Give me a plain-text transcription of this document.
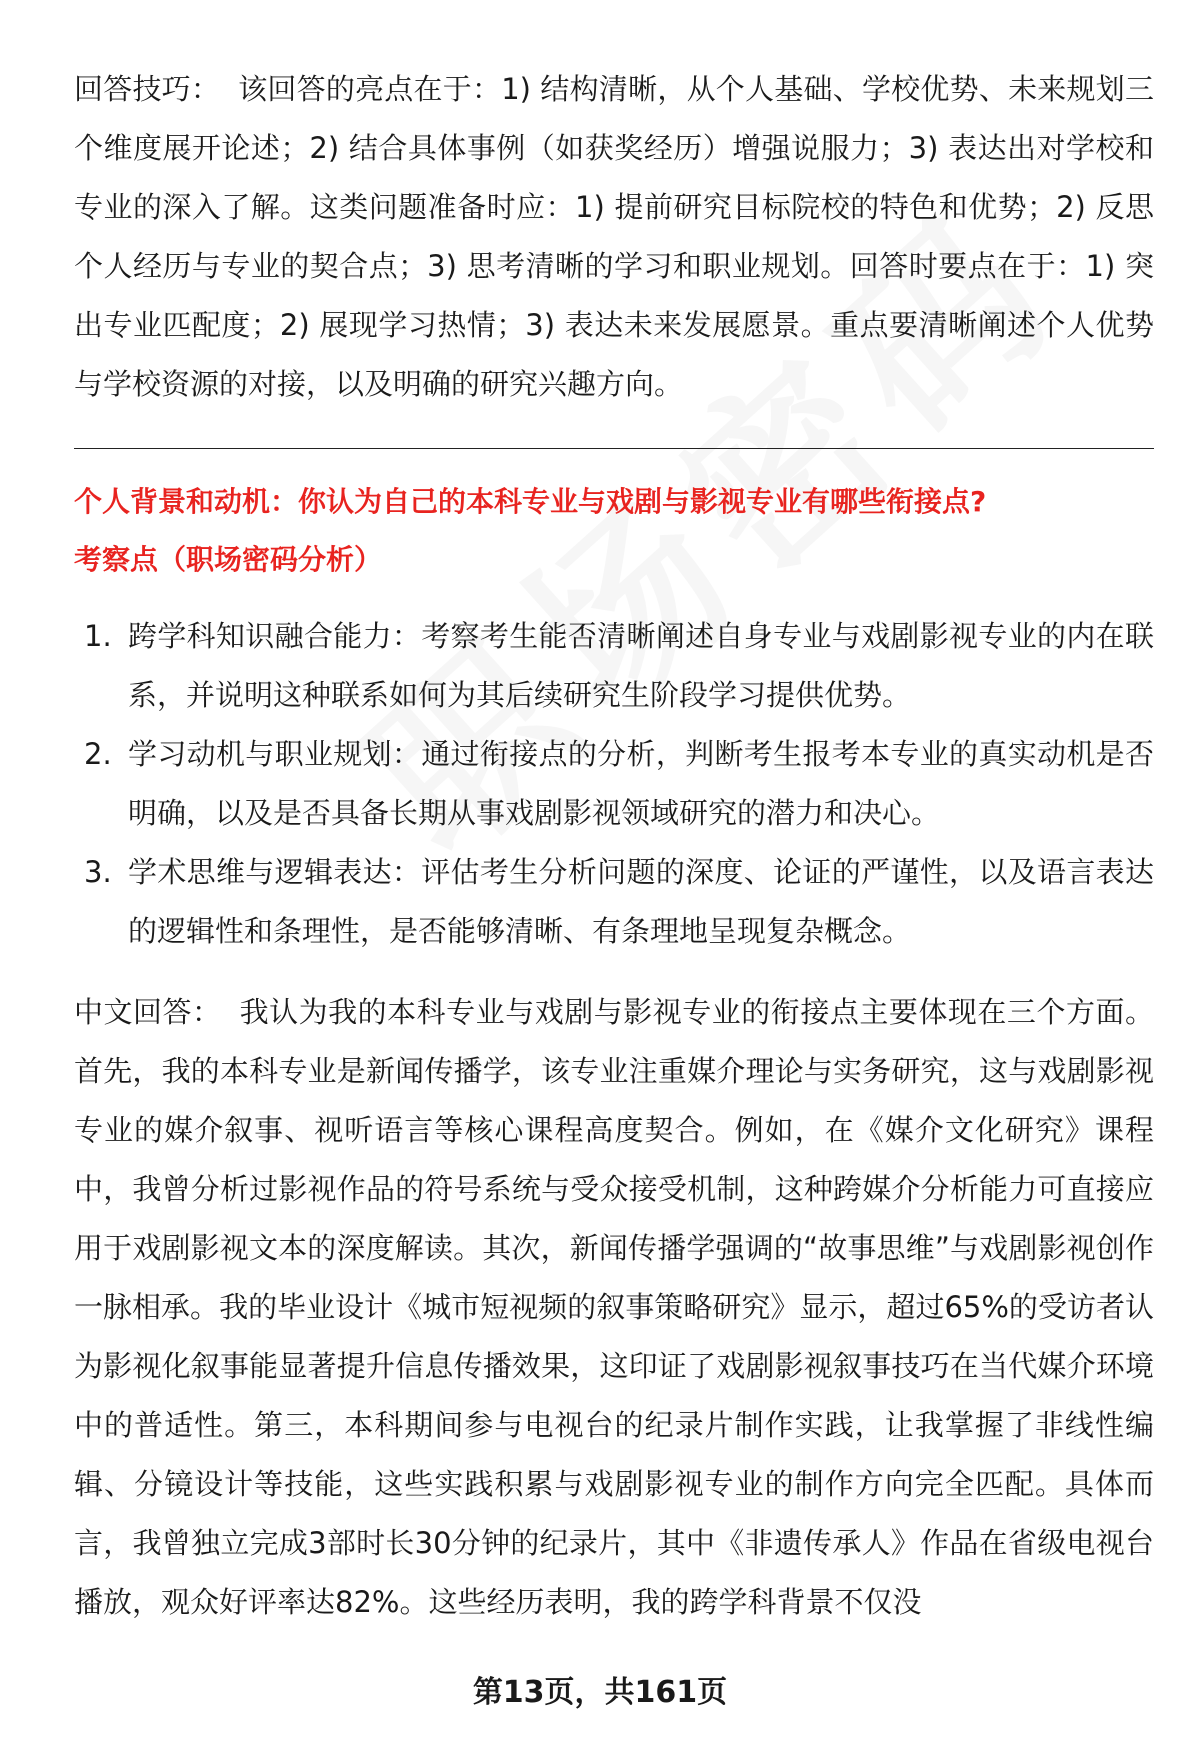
回答技巧： 该回答的亮点在于：1) 结构清晰，从个人基础、学校优势、未来规划三个维度展开论述；2) 结合具体事例（如获奖经历）增强说服力；3) 表达出对学校和专业的深入了解。这类问题准备时应：1) 提前研究目标院校的特色和优势；2) 反思个人经历与专业的契合点；3) 思考清晰的学习和职业规划。回答时要点在于：1) 突出专业匹配度；2) 展现学习热情；3) 表达未来发展愿景。重点要清晰阐述个人优势与学校资源的对接，以及明确的研究兴趣方向。

个人背景和动机：你认为自己的本科专业与戏剧与影视专业有哪些衔接点?

考察点（职场密码分析）

1. 跨学科知识融合能力：考察考生能否清晰阐述自身专业与戏剧影视专业的内在联系，并说明这种联系如何为其后续研究生阶段学习提供优势。
2. 学习动机与职业规划：通过衔接点的分析，判断考生报考本专业的真实动机是否明确，以及是否具备长期从事戏剧影视领域研究的潜力和决心。
3. 学术思维与逻辑表达：评估考生分析问题的深度、论证的严谨性，以及语言表达的逻辑性和条理性，是否能够清晰、有条理地呈现复杂概念。

中文回答： 我认为我的本科专业与戏剧与影视专业的衔接点主要体现在三个方面。首先，我的本科专业是新闻传播学，该专业注重媒介理论与实务研究，这与戏剧影视专业的媒介叙事、视听语言等核心课程高度契合。例如，在《媒介文化研究》课程中，我曾分析过影视作品的符号系统与受众接受机制，这种跨媒介分析能力可直接应用于戏剧影视文本的深度解读。其次，新闻传播学强调的“故事思维”与戏剧影视创作一脉相承。我的毕业设计《城市短视频的叙事策略研究》显示，超过65%的受访者认为影视化叙事能显著提升信息传播效果，这印证了戏剧影视叙事技巧在当代媒介环境中的普适性。第三，本科期间参与电视台的纪录片制作实践，让我掌握了非线性编辑、分镜设计等技能，这些实践积累与戏剧影视专业的制作方向完全匹配。具体而言，我曾独立完成3部时长30分钟的纪录片，其中《非遗传承人》作品在省级电视台播放，观众好评率达82%。这些经历表明，我的跨学科背景不仅没

第13页，共161页
